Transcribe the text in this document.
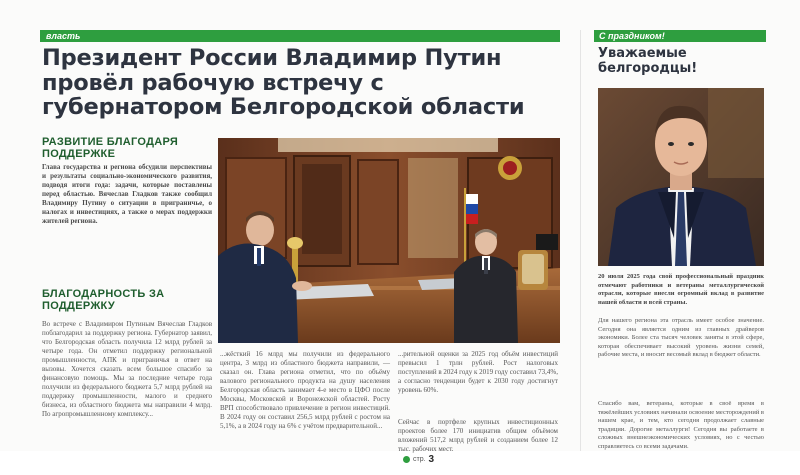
власть
Президент России Владимир Путин провёл рабочую встречу с губернатором Белгородской области
РАЗВИТИЕ БЛАГОДАРЯ ПОДДЕРЖКЕ

Глава государства и региона обсудили перспективы и результаты социально-экономического развития, подводя итоги года: задачи, которые поставлены перед областью. Вячеслав Гладков также сообщил Владимиру Путину о ситуации в приграничье, о налогах и инвестициях, а также о мерах поддержки жителей региона.

БЛАГОДАРНОСТЬ ЗА ПОДДЕРЖКУ

Во встрече с Владимиром Путиным Вячеслав Гладков поблагодарил за поддержку региона. Губернатор заявил, что Белгородская область получила 12 млрд рублей за четыре года. Он отметил поддержку региональной промышленности, АПК и приграничья в ответ на вызовы. Хочется сказать всем большое спасибо за финансовую помощь. Мы за последние четыре года получили из федерального бюджета 5,7 млрд рублей на поддержку промышленности, малого и среднего бизнеса, из областного бюджета мы направили 4 млрд. По агропромышленному комплексу...

...жёсткий 16 млрд мы получили из федерального центра, 3 млрд из областного бюджета направили, — сказал он. Глава региона отметил, что по объёму валового регионального продукта на душу населения Белгородская область занимает 4-е место в ЦФО после Москвы, Московской и Воронежской областей. Росту ВРП способствовало привлечение в регион инвестиций. В 2024 году он составил 256,5 млрд рублей с ростом на 5,1%, а в 2024 году на 6% с учётом предварительной...

...рительной оценки за 2025 год объём инвестиций превысил 1 трлн рублей. Рост налоговых поступлений в 2024 году к 2019 году составил 73,4%, а согласно тенденции будет к 2030 году достигнут уровень 60%.

Сейчас в портфеле крупных инвестиционных проектов более 170 инициатив общим объёмом вложений 517,2 млрд рублей и созданием более 12 тыс. рабочих мест.

стр. 3
С праздником!
Уважаемые белгородцы!

20 июля 2025 года свой профессиональный праздник отмечают работники и ветераны металлургической отрасли, которые внесли огромный вклад в развитие нашей области и всей страны.

Для нашего региона эта отрасль имеет особое значение. Сегодня она является одним из главных драйверов экономики. Более ста тысяч человек заняты в этой сфере, которая обеспечивает высокий уровень жизни семей, рабочие места, и вносит весомый вклад в бюджет области.

Спасибо вам, ветераны, которые в своё время в тяжёлейших условиях начинали освоение месторождений в нашем крае, и тем, кто сегодня продолжает славные традиции. Дорогие металлурги! Сегодня вы работаете в сложных внешнеэкономических условиях, но с честью справляетесь со всеми задачами.
